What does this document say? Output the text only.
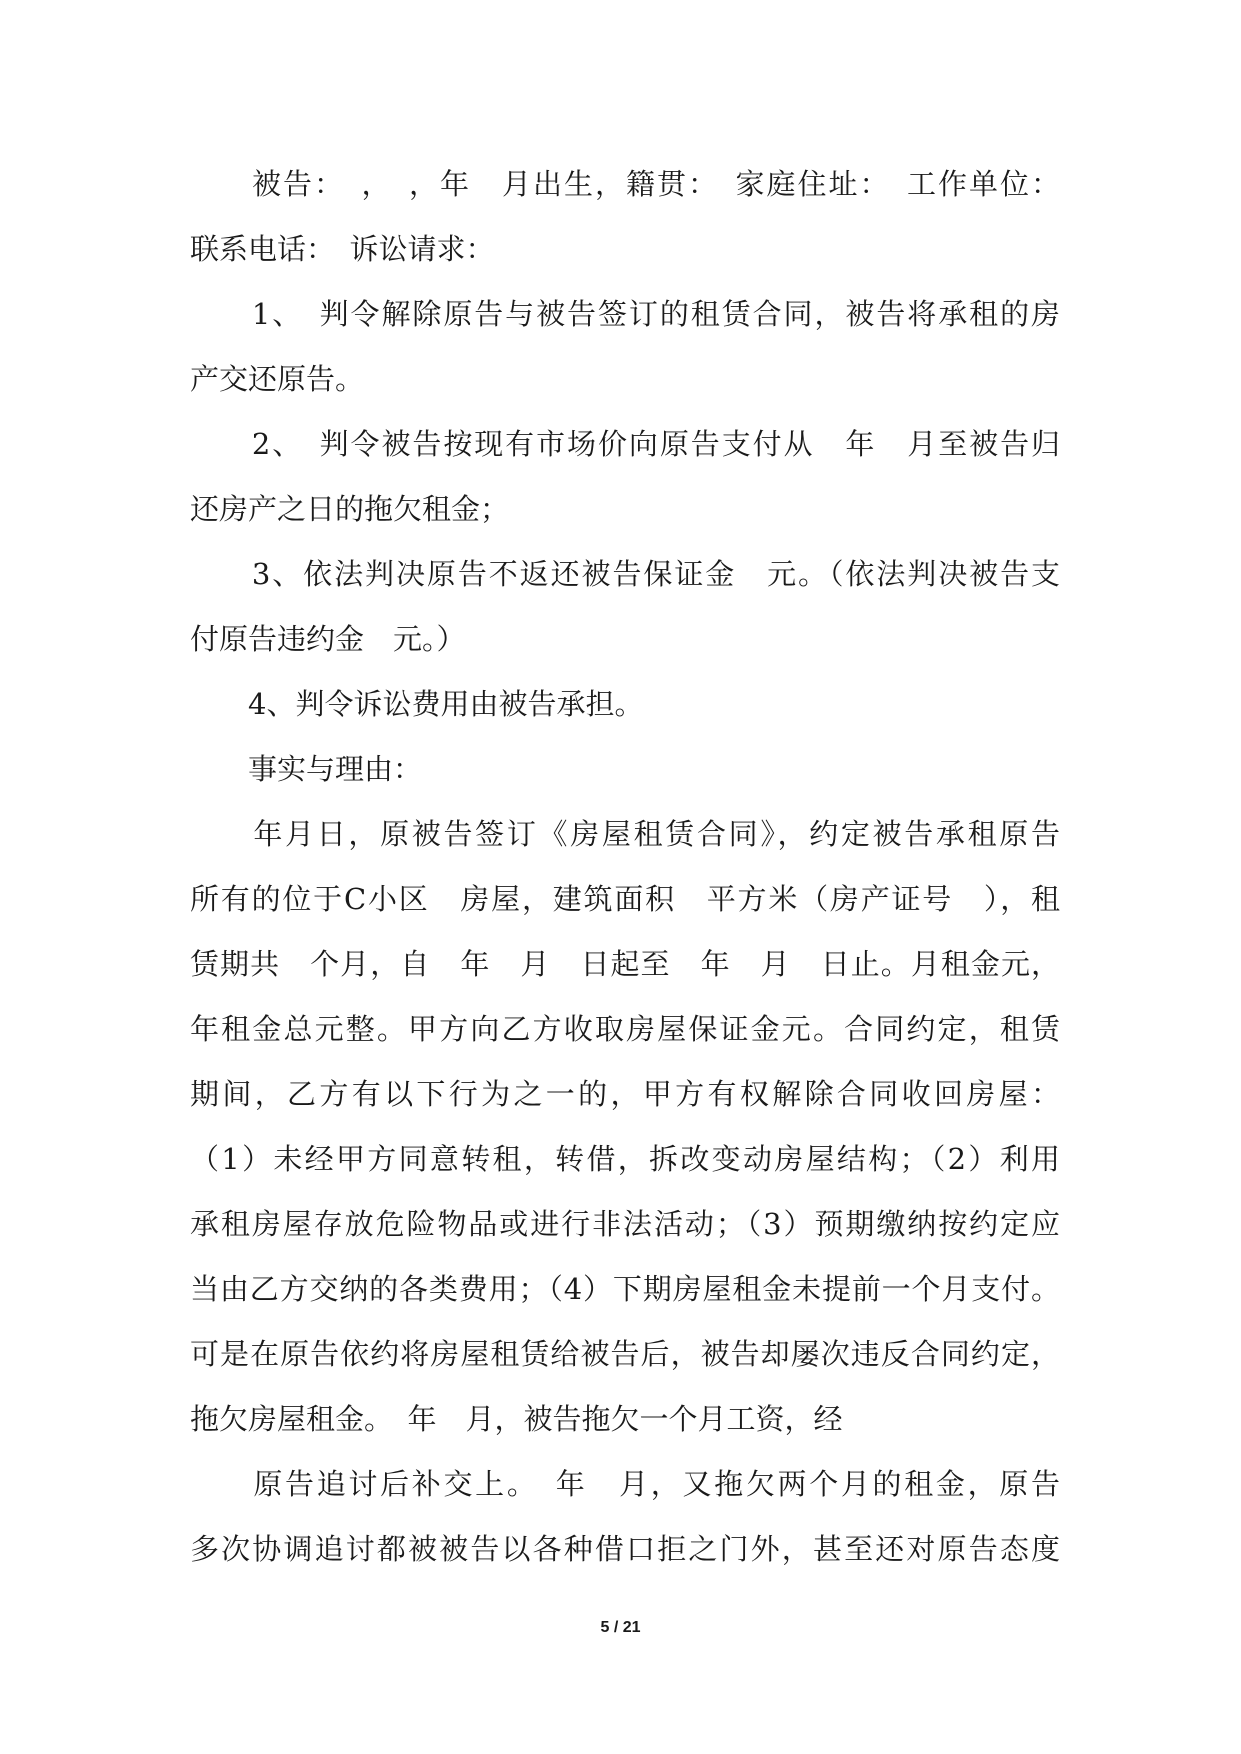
　　被告：　，　，年　月出生，籍贯：　家庭住址：　工作单位：
联系电话：　诉讼请求：
　　1、　判令解除原告与被告签订的租赁合同，被告将承租的房
产交还原告。
　　2、　判令被告按现有市场价向原告支付从　年　月至被告归
还房产之日的拖欠租金；
　　3、依法判决原告不返还被告保证金　元。（依法判决被告支
付原告违约金　元。）
　　4、判令诉讼费用由被告承担。
　　事实与理由：
　　年月日，原被告签订《房屋租赁合同》，约定被告承租原告
所有的位于C小区　房屋，建筑面积　平方米（房产证号　），租
赁期共　个月，自　年　月　日起至　年　月　日止。月租金元，
年租金总元整。甲方向乙方收取房屋保证金元。合同约定，租赁
期间，乙方有以下行为之一的，甲方有权解除合同收回房屋：
（1）未经甲方同意转租，转借，拆改变动房屋结构；（2）利用
承租房屋存放危险物品或进行非法活动；（3）预期缴纳按约定应
当由乙方交纳的各类费用；（4）下期房屋租金未提前一个月支付。
可是在原告依约将房屋租赁给被告后，被告却屡次违反合同约定，
拖欠房屋租金。　年　月，被告拖欠一个月工资，经
　　原告追讨后补交上。　年　月，又拖欠两个月的租金，原告
多次协调追讨都被被告以各种借口拒之门外，甚至还对原告态度
5 / 21
